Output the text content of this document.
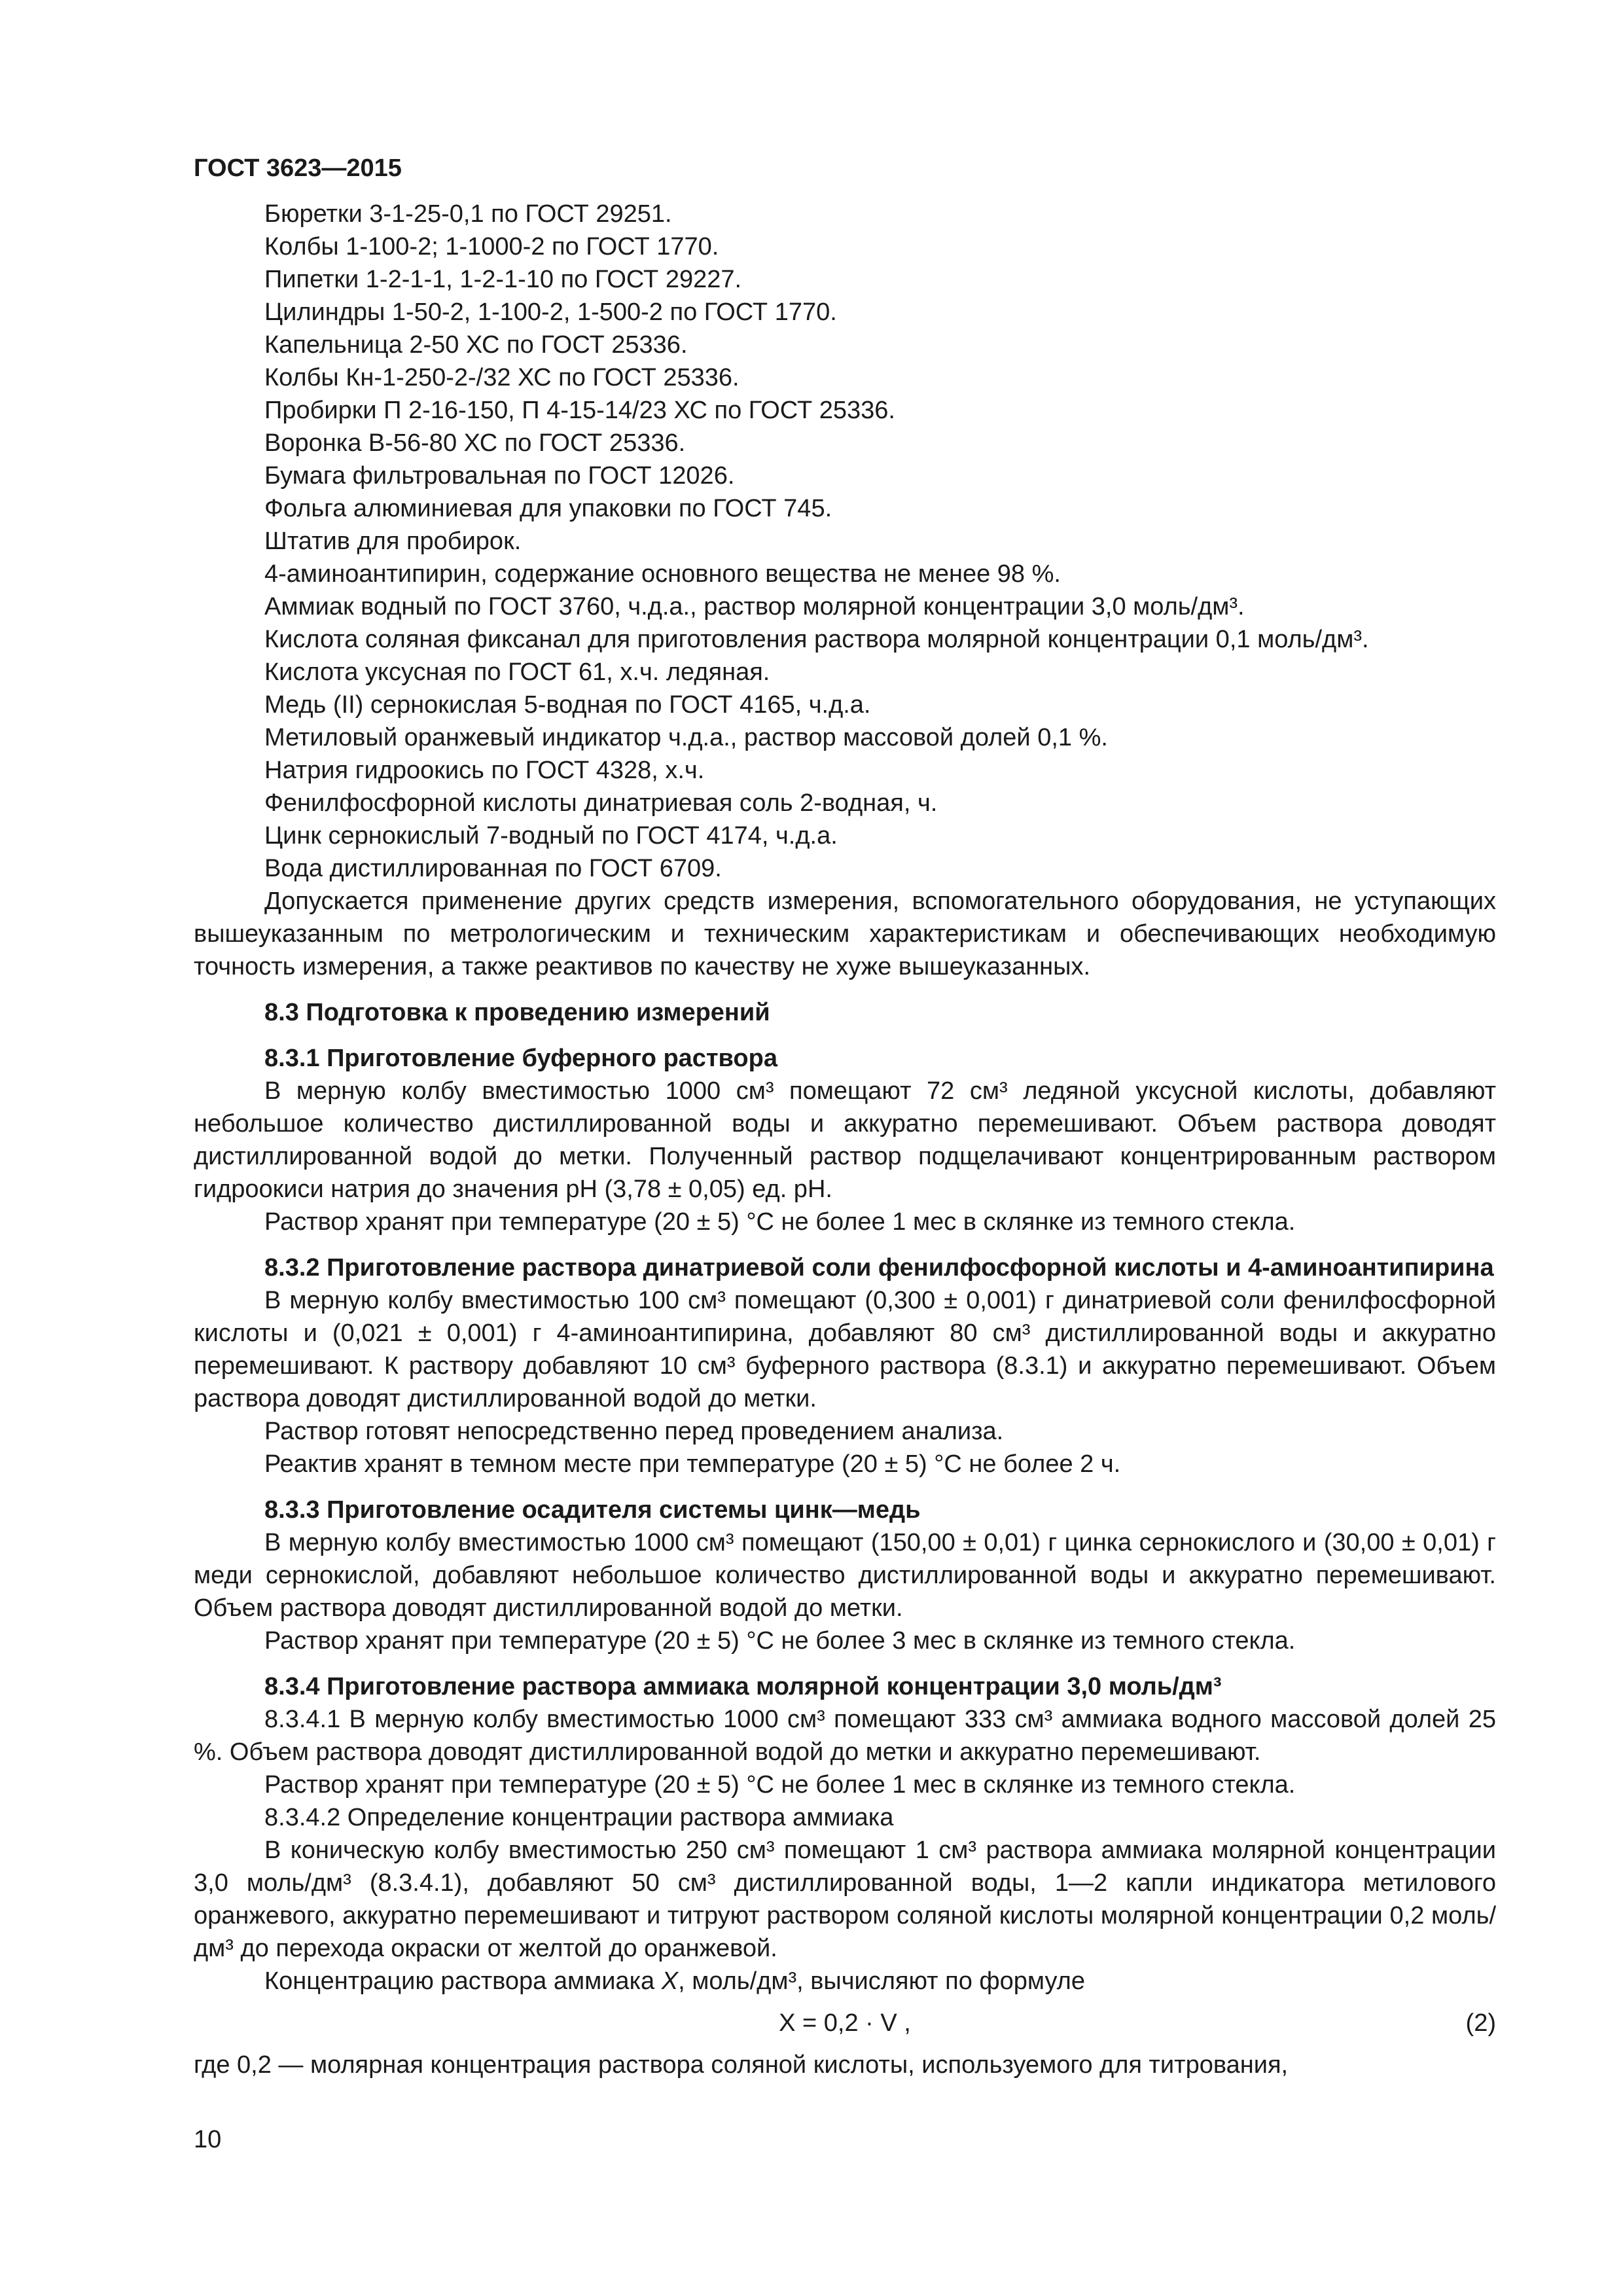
ГОСТ 3623—2015

Бюретки 3-1-25-0,1 по ГОСТ 29251.

Колбы 1-100-2; 1-1000-2 по ГОСТ 1770.

Пипетки 1-2-1-1, 1-2-1-10 по ГОСТ 29227.

Цилиндры 1-50-2, 1-100-2, 1-500-2 по ГОСТ 1770.

Капельница 2-50 ХС по ГОСТ 25336.

Колбы Кн-1-250-2-/32 ХС по ГОСТ 25336.

Пробирки П 2-16-150, П 4-15-14/23 ХС по ГОСТ 25336.

Воронка В-56-80 ХС по ГОСТ 25336.

Бумага фильтровальная по ГОСТ 12026.

Фольга алюминиевая для упаковки по ГОСТ 745.

Штатив для пробирок.

4-аминоантипирин, содержание основного вещества не менее 98 %.

Аммиак водный по ГОСТ 3760, ч.д.а., раствор молярной концентрации 3,0 моль/дм³.

Кислота соляная фиксанал для приготовления раствора молярной концентрации 0,1 моль/дм³.

Кислота уксусная по ГОСТ 61, х.ч. ледяная.

Медь (II) сернокислая 5-водная по ГОСТ 4165, ч.д.а.

Метиловый оранжевый индикатор ч.д.а., раствор массовой долей 0,1 %.

Натрия гидроокись по ГОСТ 4328, х.ч.

Фенилфосфорной кислоты динатриевая соль 2-водная, ч.

Цинк сернокислый 7-водный по ГОСТ 4174, ч.д.а.

Вода дистиллированная по ГОСТ 6709.

Допускается применение других средств измерения, вспомогательного оборудования, не уступающих вышеуказанным по метрологическим и техническим характеристикам и обеспечивающих необходимую точность измерения, а также реактивов по качеству не хуже вышеуказанных.

8.3 Подготовка к проведению измерений

8.3.1 Приготовление буферного раствора

В мерную колбу вместимостью 1000 см³ помещают 72 см³ ледяной уксусной кислоты, добавляют небольшое количество дистиллированной воды и аккуратно перемешивают. Объем раствора доводят дистиллированной водой до метки. Полученный раствор подщелачивают концентрированным раствором гидроокиси натрия до значения pH (3,78 ± 0,05) ед. pH.

Раствор хранят при температуре (20 ± 5) °C не более 1 мес в склянке из темного стекла.

8.3.2 Приготовление раствора динатриевой соли фенилфосфорной кислоты и 4-аминоантипирина

В мерную колбу вместимостью 100 см³ помещают (0,300 ± 0,001) г динатриевой соли фенилфосфорной кислоты и (0,021 ± 0,001) г 4-аминоантипирина, добавляют 80 см³ дистиллированной воды и аккуратно перемешивают. К раствору добавляют 10 см³ буферного раствора (8.3.1) и аккуратно перемешивают. Объем раствора доводят дистиллированной водой до метки.

Раствор готовят непосредственно перед проведением анализа.

Реактив хранят в темном месте при температуре (20 ± 5) °C не более 2 ч.

8.3.3 Приготовление осадителя системы цинк—медь

В мерную колбу вместимостью 1000 см³ помещают (150,00 ± 0,01) г цинка сернокислого и (30,00 ± 0,01) г меди сернокислой, добавляют небольшое количество дистиллированной воды и аккуратно перемешивают. Объем раствора доводят дистиллированной водой до метки.

Раствор хранят при температуре (20 ± 5) °C не более 3 мес в склянке из темного стекла.

8.3.4 Приготовление раствора аммиака молярной концентрации 3,0 моль/дм³

8.3.4.1 В мерную колбу вместимостью 1000 см³ помещают 333 см³ аммиака водного массовой долей 25 %. Объем раствора доводят дистиллированной водой до метки и аккуратно перемешивают.

Раствор хранят при температуре (20 ± 5) °C не более 1 мес в склянке из темного стекла.

8.3.4.2 Определение концентрации раствора аммиака

В коническую колбу вместимостью 250 см³ помещают 1 см³ раствора аммиака молярной концентрации 3,0 моль/дм³ (8.3.4.1), добавляют 50 см³ дистиллированной воды, 1—2 капли индикатора метилового оранжевого, аккуратно перемешивают и титруют раствором соляной кислоты молярной концентрации 0,2 моль/дм³ до перехода окраски от желтой до оранжевой.

Концентрацию раствора аммиака X, моль/дм³, вычисляют по формуле

X = 0,2 · V ,	(2)

где 0,2 — молярная концентрация раствора соляной кислоты, используемого для титрования,

10
